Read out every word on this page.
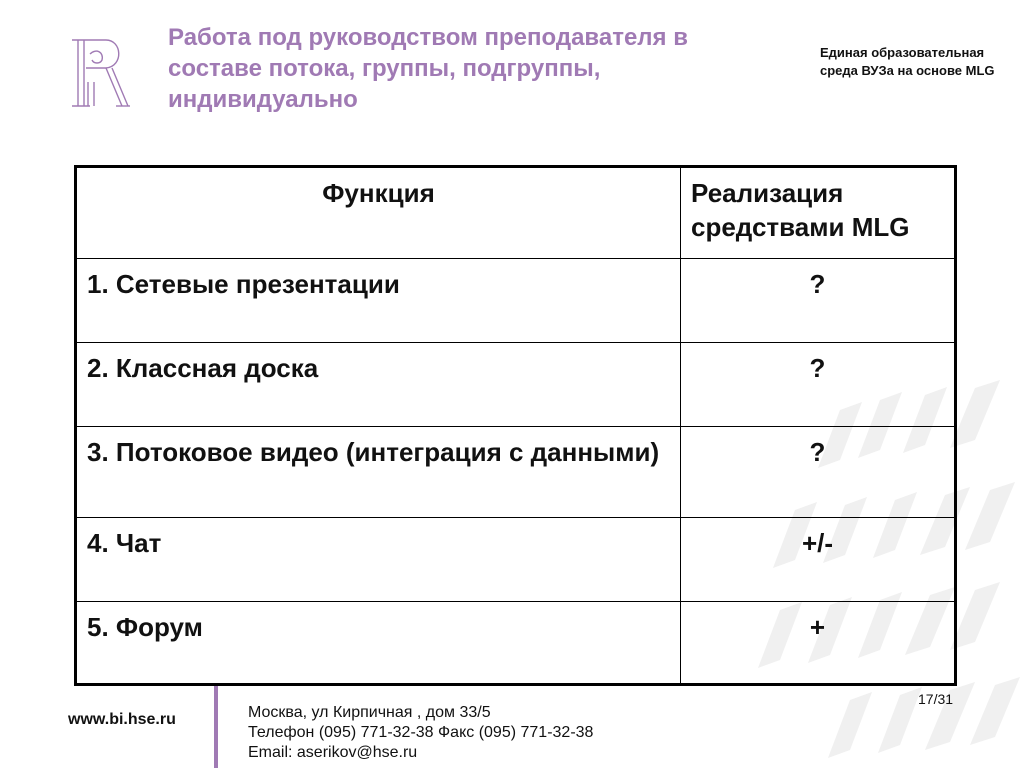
Работа под руководством преподавателя в составе потока, группы, подгруппы, индивидуально
Единая образовательная среда ВУЗа на основе MLG
Функция	Реализация средствами MLG
1. Сетевые презентации	?
2. Классная доска	?
3. Потоковое видео (интеграция с данными)	?
4. Чат	+/-
5. Форум	+
17/31
www.bi.hse.ru	Москва, ул Кирпичная , дом 33/5
Телефон (095) 771-32-38 Факс (095) 771-32-38
Email: aserikov@hse.ru
